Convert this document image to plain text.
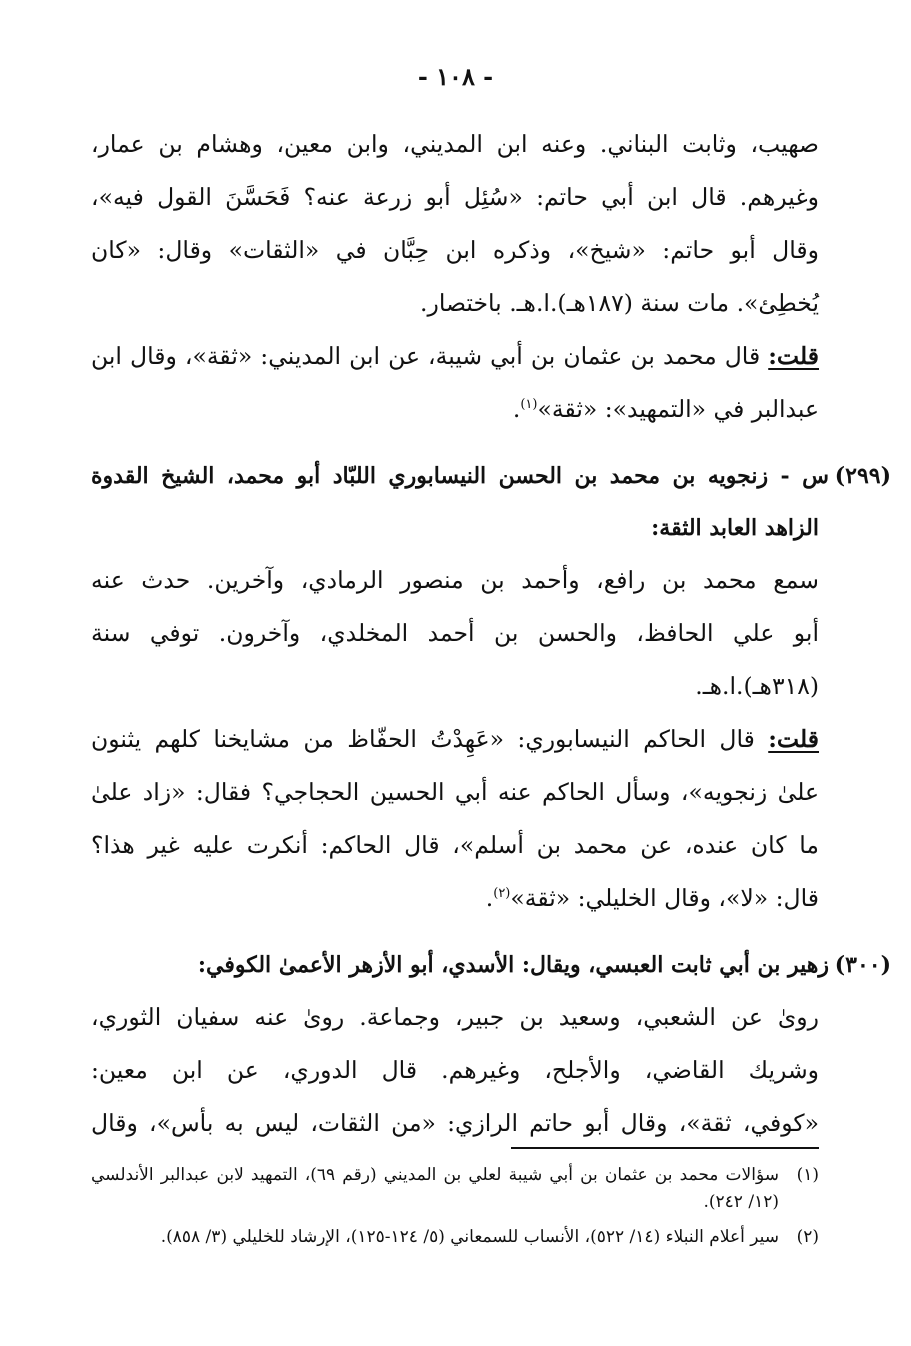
- ١٠٨ -
صهيب، وثابت البناني. وعنه ابن المديني، وابن معين، وهشام بن عمار،
وغيرهم. قال ابن أبي حاتم: «سُئِل أبو زرعة عنه؟ فَحَسَّنَ القول فيه»،
وقال أبو حاتم: «شيخ»، وذكره ابن حِبَّان في «الثقات» وقال: «كان
يُخطِئ». مات سنة (١٨٧هـ).ا.هـ. باختصار.
قلت: قال محمد بن عثمان بن أبي شيبة، عن ابن المديني: «ثقة»، وقال ابن
عبدالبر في «التمهيد»: «ثقة»$^{(١)}$.
(٢٩٩)
س - زنجويه بن محمد بن الحسن النيسابوري اللبّاد أبو محمد، الشيخ القدوة
الزاهد العابد الثقة:
سمع محمد بن رافع، وأحمد بن منصور الرمادي، وآخرين. حدث عنه
أبو علي الحافظ، والحسن بن أحمد المخلدي، وآخرون. توفي سنة
(٣١٨هـ).ا.هـ.
قلت: قال الحاكم النيسابوري: «عَهِدْتُ الحفّاظ من مشايخنا كلهم يثنون
علىٰ زنجويه»، وسأل الحاكم عنه أبي الحسين الحجاجي؟ فقال: «زاد علىٰ
ما كان عنده، عن محمد بن أسلم»، قال الحاكم: أنكرت عليه غير هذا؟
قال: «لا»، وقال الخليلي: «ثقة»$^{(٢)}$.
(٣٠٠)
زهير بن أبي ثابت العبسي، ويقال: الأسدي، أبو الأزهر الأعمىٰ الكوفي:
رویٰ عن الشعبي، وسعيد بن جبير، وجماعة. رویٰ عنه سفيان الثوري،
وشريك القاضي، والأجلح، وغيرهم. قال الدوري، عن ابن معين:
«كوفي، ثقة»، وقال أبو حاتم الرازي: «من الثقات، ليس به بأس»، وقال
(١)
سؤالات محمد بن عثمان بن أبي شيبة لعلي بن المديني (رقم ٦٩)، التمهيد لابن عبدالبر الأندلسي (١٢/ ٢٤٢).
(٢)
سير أعلام النبلاء (١٤/ ٥٢٢)، الأنساب للسمعاني (٥/ ١٢٤-١٢٥)، الإرشاد للخليلي (٣/ ٨٥٨).
